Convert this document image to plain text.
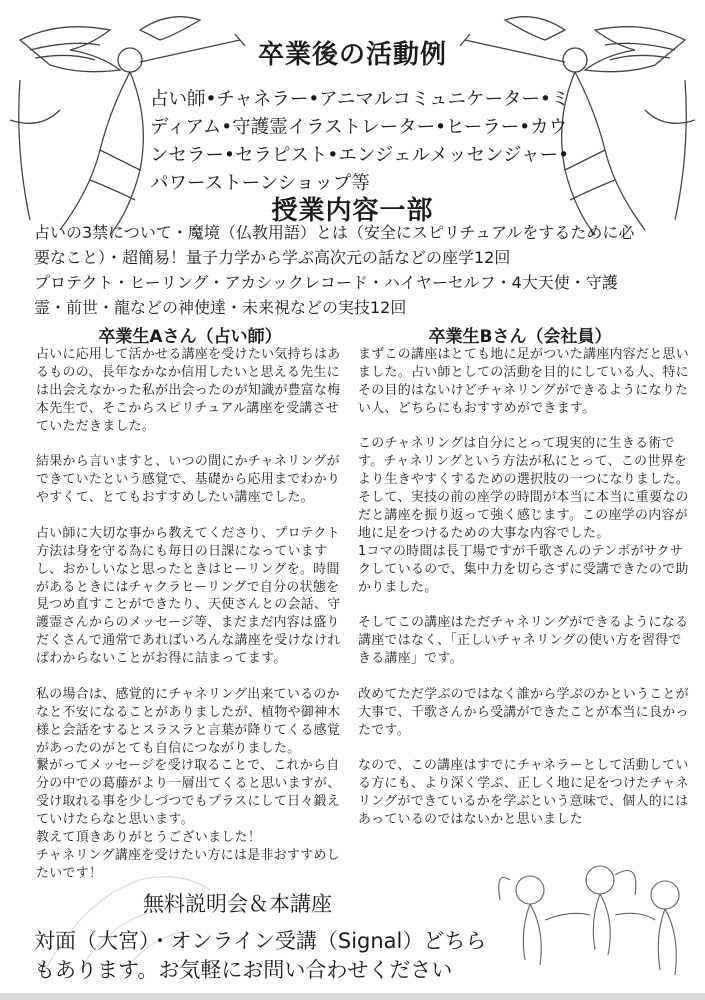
卒業後の活動例
占い師•チャネラー•アニマルコミュニケーター•ミ
ディアム•守護霊イラストレーター•ヒーラー•カウ
ンセラー•セラピスト•エンジェルメッセンジャー•
パワーストーンショップ等
授業内容一部
占いの3禁について・魔境（仏教用語）とは（安全にスピリチュアルをするために必
要なこと）・超簡易！量子力学から学ぶ高次元の話などの座学12回
プロテクト・ヒーリング・アカシックレコード・ハイヤーセルフ・4大天使・守護
霊・前世・龍などの神使達・未来視などの実技12回
卒業生Aさん（占い師）	卒業生Bさん（会社員）
占いに応用して活かせる講座を受けたい気持ちはあ
るものの、長年なかなか信用したいと思える先生に
は出会えなかった私が出会ったのが知識が豊富な梅
本先生で、そこからスピリチュアル講座を受講させ
ていただきました。
結果から言いますと、いつの間にかチャネリングが
できていたという感覚で、基礎から応用までわかり
やすくて、とてもおすすめしたい講座でした。
占い師に大切な事から教えてくださり、プロテクト
方法は身を守る為にも毎日の日課になっています
し、おかしいなと思ったときはヒーリングを。時間
があるときにはチャクラヒーリングで自分の状態を
見つめ直すことができたり、天使さんとの会話、守
護霊さんからのメッセージ等、まだまだ内容は盛り
だくさんで通常であればいろんな講座を受けなけれ
ばわからないことがお得に詰まってます。
私の場合は、感覚的にチャネリング出来ているのか
なと不安になることがありましたが、植物や御神木
様と会話をするとスラスラと言葉が降りてくる感覚
があったのがとても自信につながりました。
繋がってメッセージを受け取ることで、これから自
分の中での葛藤がより一層出てくると思いますが、
受け取れる事を少しづつでもプラスにして日々鍛え
ていけたらなと思います。
教えて頂きありがとうございました！
チャネリング講座を受けたい方には是非おすすめし
たいです！
まずこの講座はとても地に足がついた講座内容だと思い
ました。占い師としての活動を目的にしている人、特に
その目的はないけどチャネリングができるようになりた
い人、どちらにもおすすめができます。
このチャネリングは自分にとって現実的に生きる術で
す。チャネリングという方法が私にとって、この世界を
より生きやすくするための選択肢の一つになりました。
そして、実技の前の座学の時間が本当に本当に重要なの
だと講座を振り返って強く感じます。この座学の内容が
地に足をつけるための大事な内容でした。
1コマの時間は長丁場ですが千歌さんのテンポがサクサ
クしているので、集中力を切らさずに受講できたので助
かりました。
そしてこの講座はただチャネリングができるようになる
講座ではなく、「正しいチャネリングの使い方を習得で
きる講座」です。
改めてただ学ぶのではなく誰から学ぶのかということが
大事で、千歌さんから受講ができたことが本当に良かっ
たです。
なので、この講座はすでにチャネラーとして活動してい
る方にも、より深く学ぶ、正しく地に足をつけたチャネ
リングができているかを学ぶという意味で、個人的には
あっているのではないかと思いました
無料説明会＆本講座
対面（大宮）・オンライン受講（Signal）どちら
もあります。お気軽にお問い合わせください
